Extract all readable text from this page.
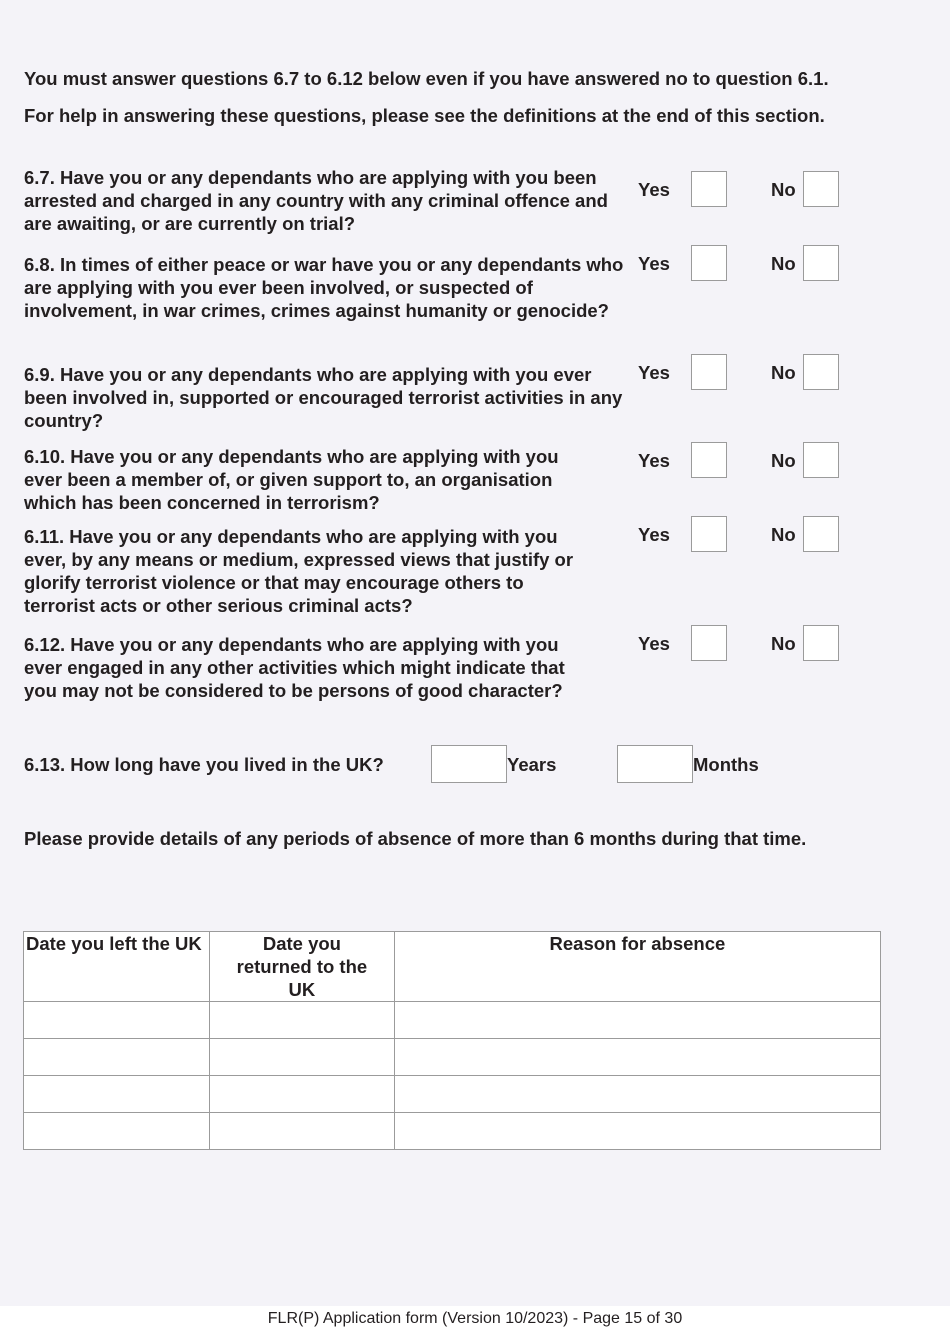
You must answer questions 6.7 to 6.12 below even if you have answered no to question 6.1.
For help in answering these questions, please see the definitions at the end of this section.
6.7. Have you or any dependants who are applying with you been arrested and charged in any country with any criminal offence and are awaiting, or are currently on trial?
Yes	No
6.8. In times of either peace or war have you or any dependants who are applying with you ever been involved, or suspected of involvement, in war crimes, crimes against humanity or genocide?
Yes	No
6.9. Have you or any dependants who are applying with you ever been involved in, supported or encouraged terrorist activities in any country?
Yes	No
6.10. Have you or any dependants who are applying with you ever been a member of, or given support to, an organisation which has been concerned in terrorism?
Yes	No
6.11. Have you or any dependants who are applying with you ever, by any means or medium, expressed views that justify or glorify terrorist violence or that may encourage others to terrorist acts or other serious criminal acts?
Yes	No
6.12. Have you or any dependants who are applying with you ever engaged in any other activities which might indicate that you may not be considered to be persons of good character?
Yes	No
6.13. How long have you lived in the UK?	Years	Months
Please provide details of any periods of absence of more than 6 months during that time.
Date you left the UK	Date you returned to the UK	Reason for absence

FLR(P) Application form (Version 10/2023) - Page 15 of 30
